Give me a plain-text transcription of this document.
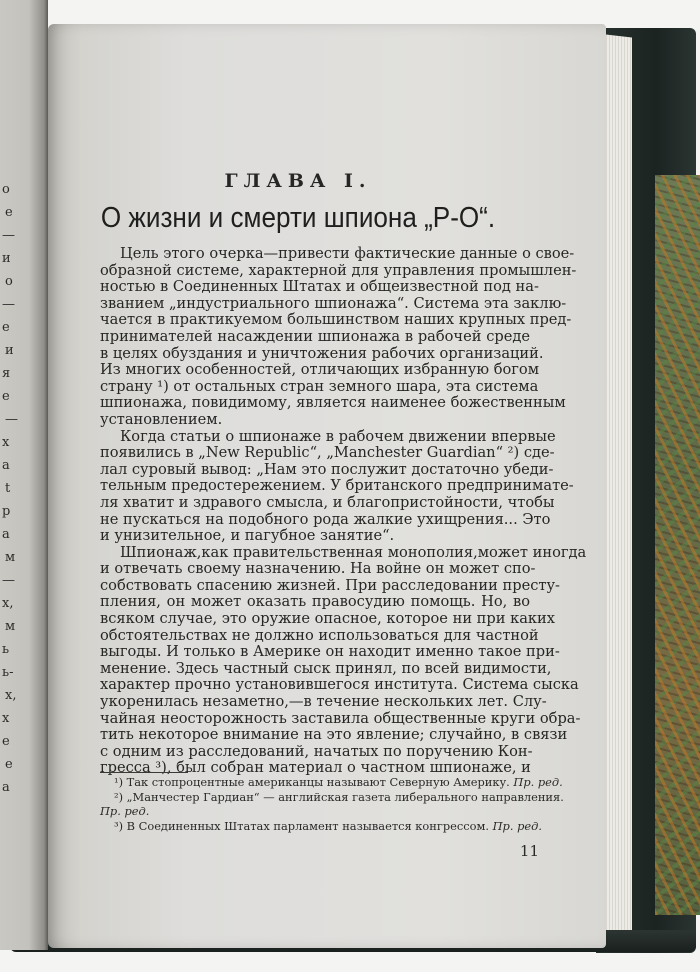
о
е
—
и
о
—
е
и
я
е
—
х
а
t
р
а
м
—
х,
м
ь
ь-
х,
х
е
е
а
ГЛАВА I.
О жизни и смерти шпиона „Р-О“.
Цель этого очерка—привести фактические данные о свое-
образной системе, характерной для управления промышлен-
ностью в Соединенных Штатах и общеизвестной под на-
званием „индустриального шпионажа“. Система эта заклю-
чается в практикуемом большинством наших крупных пред-
принимателей насаждении шпионажа в рабочей среде
в целях обуздания и уничтожения рабочих организаций.
Из многих особенностей, отличающих избранную богом
страну ¹) от остальных стран земного шара, эта система
шпионажа, повидимому, является наименее божественным
установлением.
Когда статьи о шпионаже в рабочем движении впервые
появились в „New Republic“, „Manchester Guardian“ ²) сде-
лал суровый вывод: „Нам это послужит достаточно убеди-
тельным предостережением. У британского предпринимате-
ля хватит и здравого смысла, и благопристойности, чтобы
не пускаться на подобного рода жалкие ухищрения... Это
и унизительное, и пагубное занятие“.
Шпионаж,как правительственная монополия,может иногда
и отвечать своему назначению. На войне он может спо-
собствовать спасению жизней. При расследовании престу-
пления, он может оказать правосудию помощь. Но, во
всяком случае, это оружие опасное, которое ни при каких
обстоятельствах не должно использоваться для частной
выгоды. И только в Америке он находит именно такое при-
менение. Здесь частный сыск принял, по всей видимости,
характер прочно установившегося института. Система сыска
укоренилась незаметно,—в течение нескольких лет. Слу-
чайная неосторожность заставила общественные круги обра-
тить некоторое внимание на это явление; случайно, в связи
с одним из расследований, начатых по поручению Кон-
гресса ³), был собран материал о частном шпионаже, и
¹) Так стопроцентные американцы называют Северную Америку. Пр. ред.
²) „Манчестер Гардиан“ — английская газета либерального направления.
Пр. ред.
³) В Соединенных Штатах парламент называется конгрессом. Пр. ред.
11
